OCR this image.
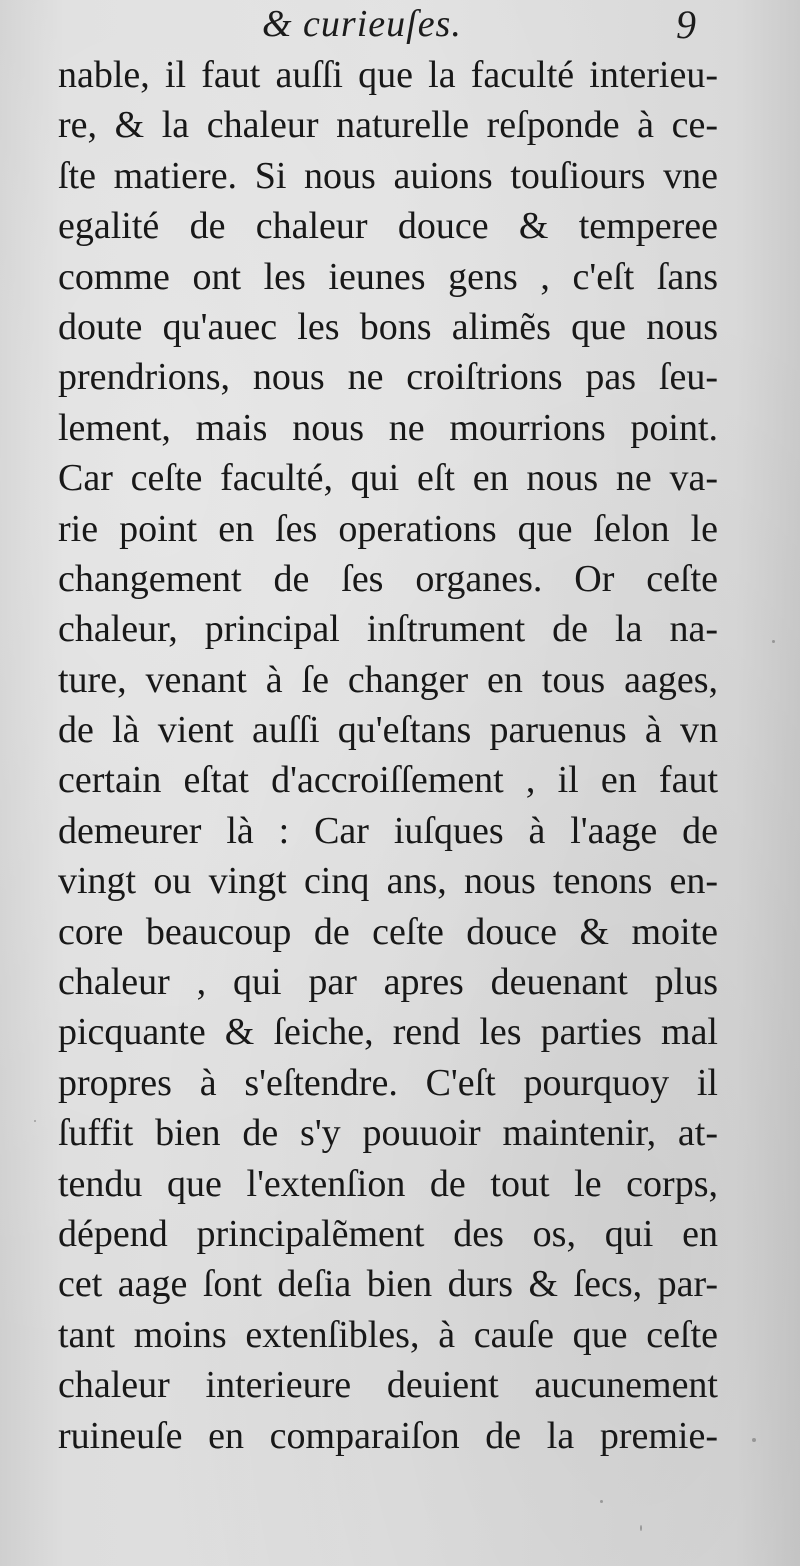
& curieuſes.	9
nable, il faut auſſi que la faculté interieu-
re, & la chaleur naturelle reſponde à ce-
ſte matiere. Si nous auions touſiours vne
egalité de chaleur douce & temperee
comme ont les ieunes gens , c'eſt ſans
doute qu'auec les bons alimẽs que nous
prendrions, nous ne croiſtrions pas ſeu-
lement, mais nous ne mourrions point.
Car ceſte faculté, qui eſt en nous ne va-
rie point en ſes operations que ſelon le
changement de ſes organes. Or ceſte
chaleur, principal inſtrument de la na-
ture, venant à ſe changer en tous aages,
de là vient auſſi qu'eſtans paruenus à vn
certain eſtat d'accroiſſement , il en faut
demeurer là : Car iuſques à l'aage de
vingt ou vingt cinq ans, nous tenons en-
core beaucoup de ceſte douce & moite
chaleur , qui par apres deuenant plus
picquante & ſeiche, rend les parties mal
propres à s'eſtendre. C'eſt pourquoy il
ſuffit bien de s'y pouuoir maintenir, at-
tendu que l'extenſion de tout le corps,
dépend principalẽment des os, qui en
cet aage ſont deſia bien durs & ſecs, par-
tant moins extenſibles, à cauſe que ceſte
chaleur interieure deuient aucunement
ruineuſe en comparaiſon de la premie-
